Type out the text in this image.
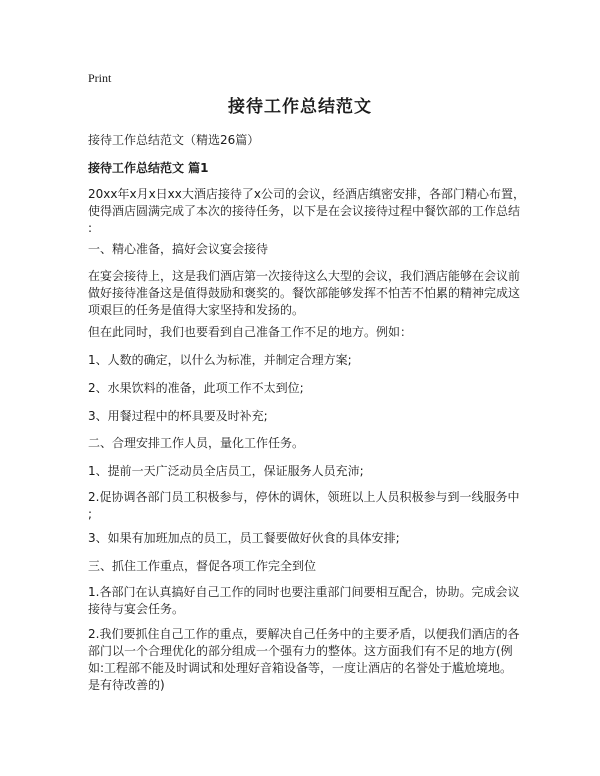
Print
接待工作总结范文
接待工作总结范文（精选26篇）
接待工作总结范文 篇1
20xx年x月x日xx大酒店接待了x公司的会议，经酒店缜密安排，各部门精心布置，
使得酒店圆满完成了本次的接待任务，以下是在会议接待过程中餐饮部的工作总结
:
一、精心准备，搞好会议宴会接待
在宴会接待上，这是我们酒店第一次接待这么大型的会议，我们酒店能够在会议前
做好接待准备这是值得鼓励和褒奖的。餐饮部能够发挥不怕苦不怕累的精神完成这
项艰巨的任务是值得大家坚持和发扬的。
但在此同时，我们也要看到自己准备工作不足的地方。例如：
1、人数的确定，以什么为标准，并制定合理方案;
2、水果饮料的准备，此项工作不太到位;
3、用餐过程中的杯具要及时补充;
二、合理安排工作人员，量化工作任务。
1、提前一天广泛动员全店员工，保证服务人员充沛;
2.促协调各部门员工积极参与，停休的调休，领班以上人员积极参与到一线服务中
;
3、如果有加班加点的员工，员工餐要做好伙食的具体安排;
三、抓住工作重点，督促各项工作完全到位
1.各部门在认真搞好自己工作的同时也要注重部门间要相互配合，协助。完成会议
接待与宴会任务。
2.我们要抓住自己工作的重点，要解决自己任务中的主要矛盾，以便我们酒店的各
部门以一个合理优化的部分组成一个强有力的整体。这方面我们有不足的地方(例
如:工程部不能及时调试和处理好音箱设备等，一度让酒店的名誉处于尴尬境地。
是有待改善的)
